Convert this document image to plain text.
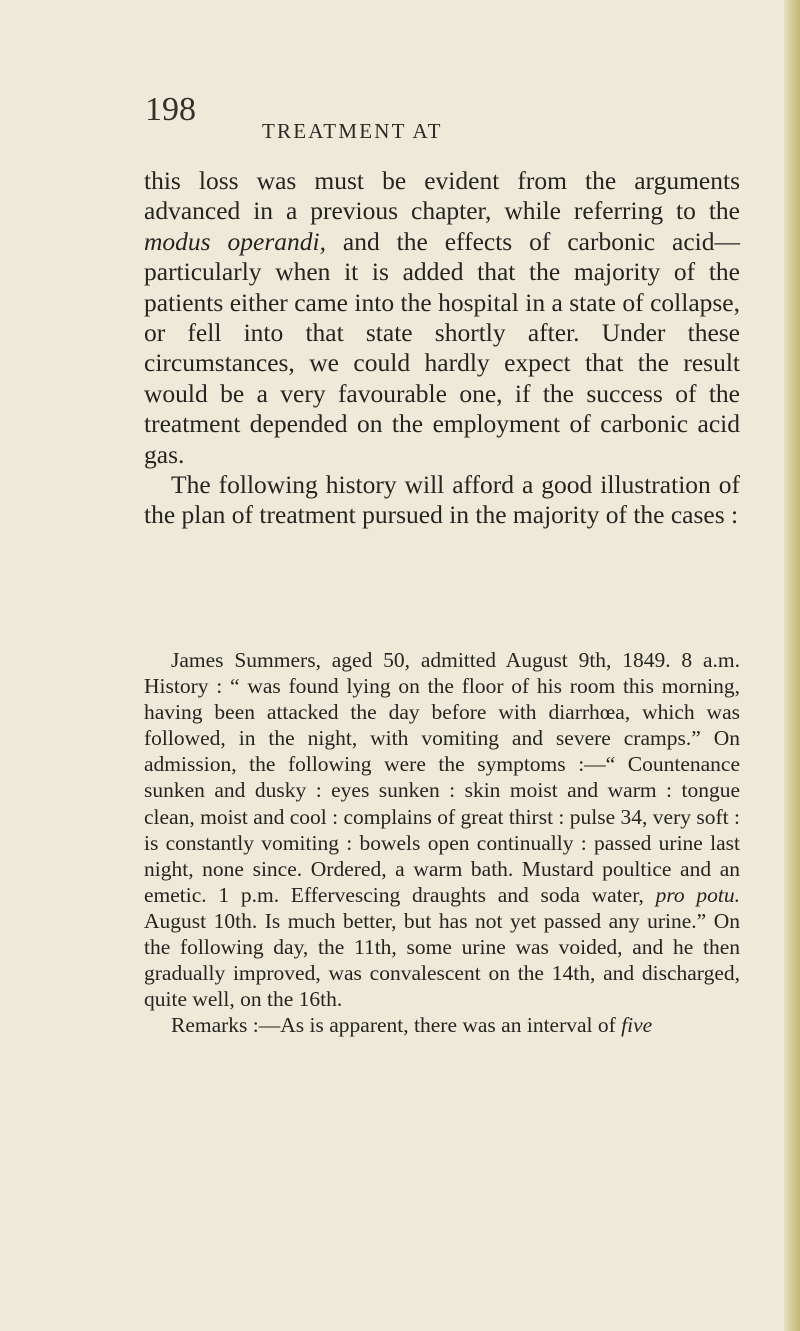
198
TREATMENT AT

this loss was must be evident from the arguments advanced in a previous chapter, while referring to the modus operandi, and the effects of carbonic acid—particularly when it is added that the majority of the patients either came into the hospital in a state of collapse, or fell into that state shortly after. Under these circumstances, we could hardly expect that the result would be a very favourable one, if the success of the treatment depended on the employment of carbonic acid gas.

The following history will afford a good illustration of the plan of treatment pursued in the majority of the cases :

James Summers, aged 50, admitted August 9th, 1849. 8 a.m. History : “ was found lying on the floor of his room this morning, having been attacked the day before with diarrhœa, which was followed, in the night, with vomiting and severe cramps.” On admission, the following were the symptoms :—“ Countenance sunken and dusky : eyes sunken : skin moist and warm : tongue clean, moist and cool : complains of great thirst : pulse 34, very soft : is constantly vomiting : bowels open continually : passed urine last night, none since. Ordered, a warm bath. Mustard poultice and an emetic. 1 p.m. Effervescing draughts and soda water, pro potu. August 10th. Is much better, but has not yet passed any urine.” On the following day, the 11th, some urine was voided, and he then gradually improved, was convalescent on the 14th, and discharged, quite well, on the 16th.

Remarks :—As is apparent, there was an interval of five
